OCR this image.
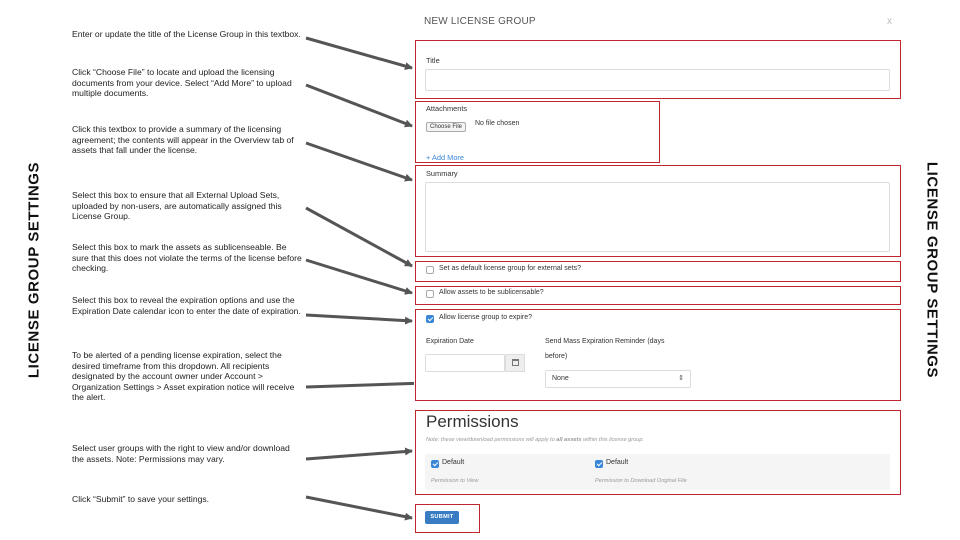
LICENSE GROUP SETTINGS	LICENSE GROUP SETTINGS
Enter or update the title of the License Group in this textbox.
Click “Choose File” to locate and upload the licensing documents from your device. Select “Add More” to upload multiple documents.
Click this textbox to provide a summary of the licensing agreement; the contents will appear in the Overview tab of assets that fall under the license.
Select this box to ensure that all External Upload Sets, uploaded by non-users, are automatically assigned this License Group.
Select this box to mark the assets as sublicenseable. Be sure that this does not violate the terms of the license before checking.
Select this box to reveal the expiration options and use the Expiration Date calendar icon to enter the date of expiration.
To be alerted of a pending license expiration, select the desired timeframe from this dropdown. All recipients designated by the account owner under Account > Organization Settings > Asset expiration notice will receive the alert.
Select user groups with the right to view and/or download the assets. Note: Permissions may vary.
Click “Submit” to save your settings.
NEW LICENSE GROUP	x
Title
Attachments
Choose File	No file chosen
+ Add More
Summary
Set as default license group for external sets?
Allow assets to be sublicensable?
Allow license group to expire?
Expiration Date	Send Mass Expiration Reminder (days
before)
None	⇕
Permissions
Note: these view/download permissions will apply to all assets within this license group.
Default
Permission to View
Default
Permission to Download Original File
SUBMIT
